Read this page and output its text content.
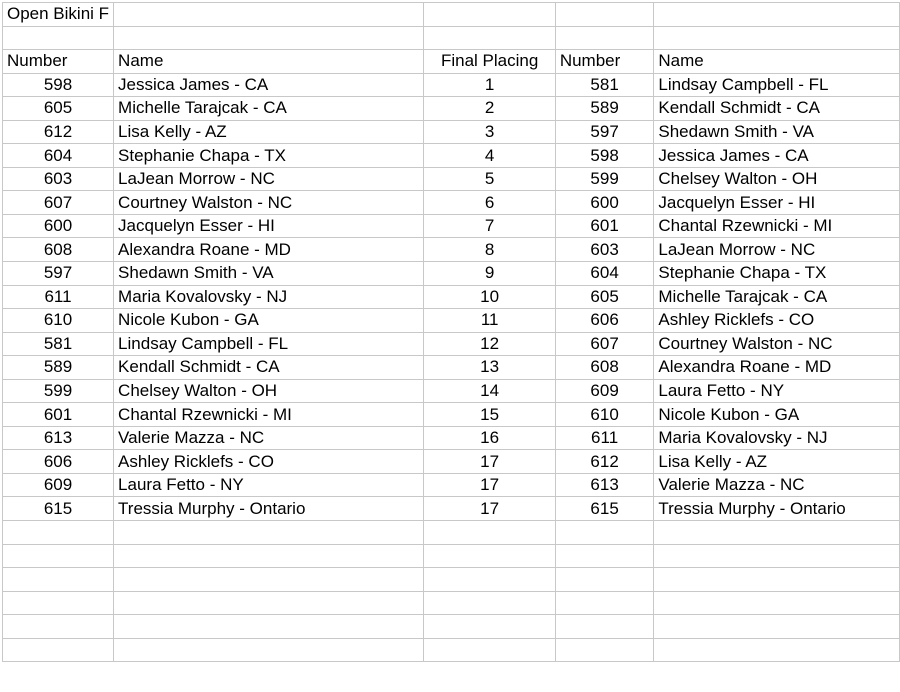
Open Bikini F				

Number	Name	Final Placing	Number	Name
598	Jessica James - CA	1	581	Lindsay Campbell - FL
605	Michelle Tarajcak - CA	2	589	Kendall Schmidt - CA
612	Lisa Kelly - AZ	3	597	Shedawn Smith - VA
604	Stephanie Chapa - TX	4	598	Jessica James - CA
603	LaJean Morrow - NC	5	599	Chelsey Walton - OH
607	Courtney Walston - NC	6	600	Jacquelyn Esser - HI
600	Jacquelyn Esser - HI	7	601	Chantal Rzewnicki - MI
608	Alexandra Roane - MD	8	603	LaJean Morrow - NC
597	Shedawn Smith - VA	9	604	Stephanie Chapa - TX
611	Maria Kovalovsky - NJ	10	605	Michelle Tarajcak - CA
610	Nicole Kubon - GA	11	606	Ashley Ricklefs - CO
581	Lindsay Campbell - FL	12	607	Courtney Walston - NC
589	Kendall Schmidt - CA	13	608	Alexandra Roane - MD
599	Chelsey Walton - OH	14	609	Laura Fetto - NY
601	Chantal Rzewnicki - MI	15	610	Nicole Kubon - GA
613	Valerie Mazza - NC	16	611	Maria Kovalovsky - NJ
606	Ashley Ricklefs - CO	17	612	Lisa Kelly - AZ
609	Laura Fetto - NY	17	613	Valerie Mazza - NC
615	Tressia Murphy - Ontario	17	615	Tressia Murphy - Ontario
